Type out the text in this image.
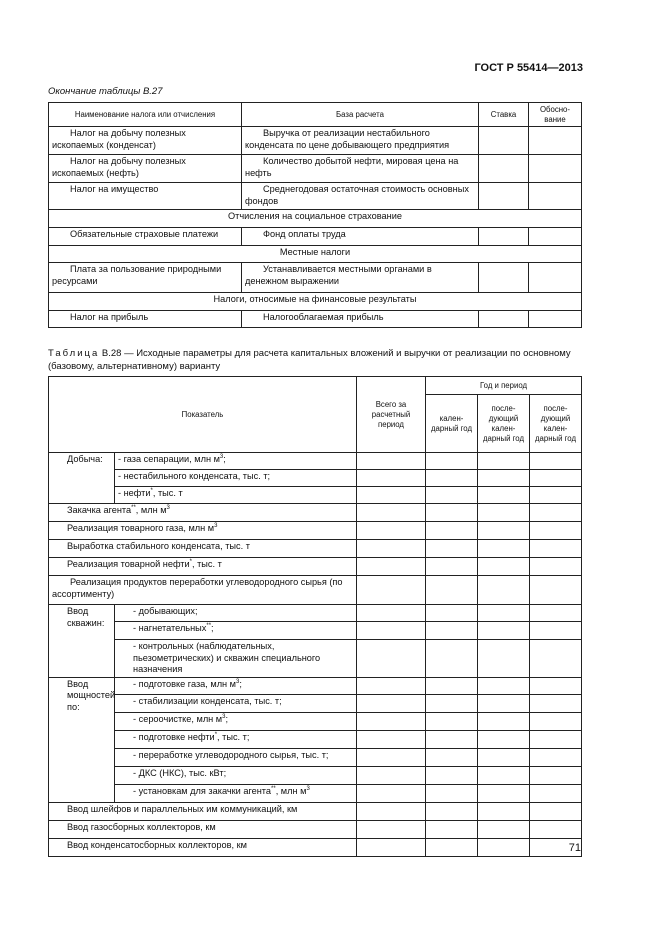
ГОСТ Р 55414—2013
Окончание таблицы В.27
Наименование налога или отчисления	База расчета	Ставка	Обосно-вание
Налог на добычу полезных ископаемых (конденсат)	Выручка от реализации нестабильного конденсата по цене добывающего предприятия		
Налог на добычу полезных ископаемых (нефть)	Количество добытой нефти, мировая цена на нефть		
Налог на имущество	Среднегодовая остаточная стоимость основных фондов		
Отчисления на социальное страхование			
Обязательные страховые платежи	Фонд оплаты труда		
Местные налоги			
Плата за пользование природными ресурсами	Устанавливается местными органами в денежном выражении		
Налоги, относимые на финансовые результаты			
Налог на прибыль	Налогооблагаемая прибыль		
Таблица В.28 — Исходные параметры для расчета капитальных вложений и выручки от реализации по основному (базовому, альтернативному) варианту
Показатель		Всего за расчетный период	Год и период		
			кален-дарный год	после-дующий кален-дарный год	после-дующий кален-дарный год
Добыча:	- газа сепарации, млн $м^3$;				
	- нестабильного конденсата, тыс. т;				
	- нефти*, тыс. т				
Закачка агента**, млн $м^3$				
Реализация товарного газа, млн $м^3$				
Выработка стабильного конденсата, тыс. т					
Реализация товарной нефти*, тыс. т					
Реализация продуктов переработки углеводородного сырья (по ассортименту)					
Ввод скважин:	- добывающих;				
	- нагнетательных**;				
	- контрольных (наблюдательных, пьезометрических) и скважин специального назначения				
Ввод мощностей по:	- подготовке газа, млн $м^3$;				
	- стабилизации конденсата, тыс. т;				
	- сероочистке, млн $м^3$;				
	- подготовке нефти*, тыс. т;				
	- переработке углеводородного сырья, тыс. т;				
	- ДКС (НКС), тыс. кВт;				
	- установкам для закачки агента**, млн $м^3$				
Ввод шлейфов и параллельных им коммуникаций, км					
Ввод газосборных коллекторов, км					
Ввод конденсатосборных коллекторов, км						71
